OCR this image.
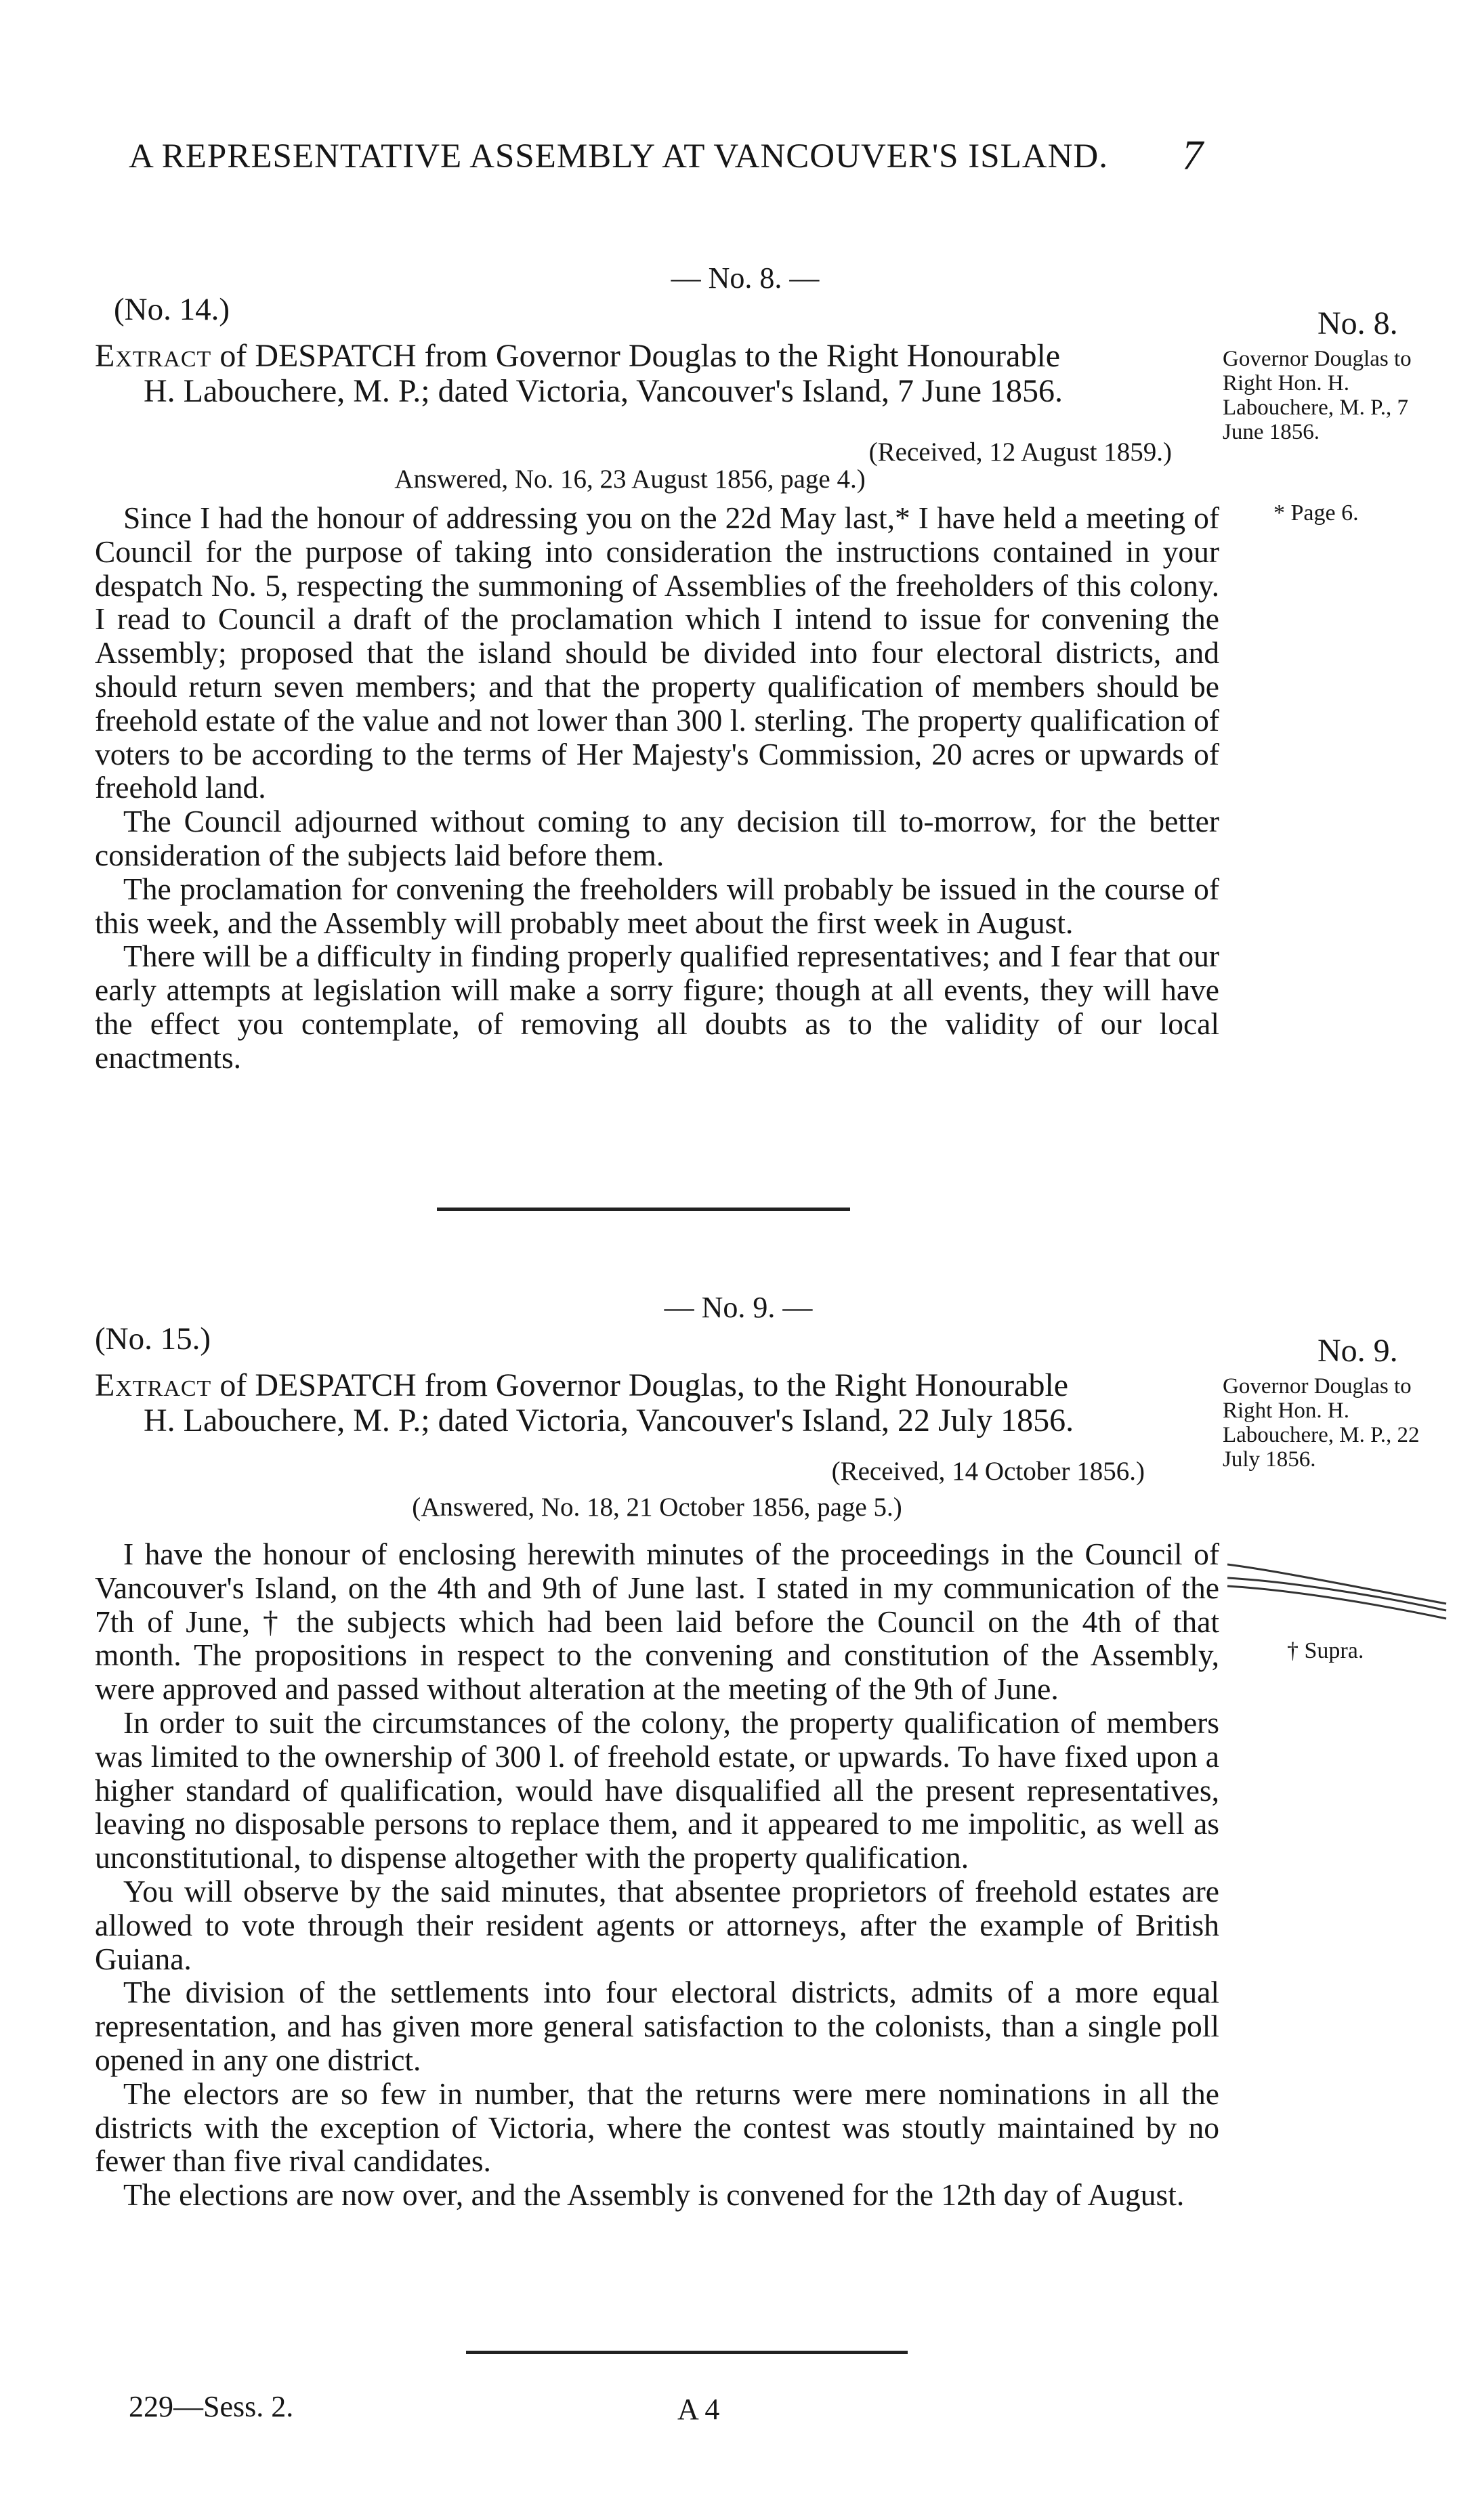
A REPRESENTATIVE ASSEMBLY AT VANCOUVER'S ISLAND.	7
— No. 8. —
(No. 14.)
Extract of DESPATCH from Governor Douglas to the Right Honourable
H. Labouchere, M. P.; dated Victoria, Vancouver's Island, 7 June 1856.
(Received, 12 August 1859.)
Answered, No. 16, 23 August 1856, page 4.)
No. 8.
Governor Douglas to Right Hon. H. Labouchere, M. P., 7 June 1856.
* Page 6.

Since I had the honour of addressing you on the 22d May last,* I have held a meeting of Council for the purpose of taking into consideration the instructions contained in your despatch No. 5, respecting the summoning of Assemblies of the freeholders of this colony. I read to Council a draft of the proclamation which I intend to issue for convening the Assembly; proposed that the island should be divided into four electoral districts, and should return seven members; and that the property qualification of members should be freehold estate of the value and not lower than 300 l. sterling. The property qualification of voters to be according to the terms of Her Majesty's Commission, 20 acres or upwards of freehold land.

The Council adjourned without coming to any decision till to-morrow, for the better consideration of the subjects laid before them.

The proclamation for convening the freeholders will probably be issued in the course of this week, and the Assembly will probably meet about the first week in August.

There will be a difficulty in finding properly qualified representatives; and I fear that our early attempts at legislation will make a sorry figure; though at all events, they will have the effect you contemplate, of removing all doubts as to the validity of our local enactments.

— No. 9. —
(No. 15.)
Extract of DESPATCH from Governor Douglas, to the Right Honourable
H. Labouchere, M. P.; dated Victoria, Vancouver's Island, 22 July 1856.
(Received, 14 October 1856.)
(Answered, No. 18, 21 October 1856, page 5.)
No. 9.
Governor Douglas to Right Hon. H. Labouchere, M. P., 22 July 1856.
† Supra.

I have the honour of enclosing herewith minutes of the proceedings in the Council of Vancouver's Island, on the 4th and 9th of June last. I stated in my communication of the 7th of June, † the subjects which had been laid before the Council on the 4th of that month. The propositions in respect to the convening and constitution of the Assembly, were approved and passed without alteration at the meeting of the 9th of June.

In order to suit the circumstances of the colony, the property qualification of members was limited to the ownership of 300 l. of freehold estate, or upwards. To have fixed upon a higher standard of qualification, would have disqualified all the present representatives, leaving no disposable persons to replace them, and it appeared to me impolitic, as well as unconstitutional, to dispense altogether with the property qualification.

You will observe by the said minutes, that absentee proprietors of freehold estates are allowed to vote through their resident agents or attorneys, after the example of British Guiana.

The division of the settlements into four electoral districts, admits of a more equal representation, and has given more general satisfaction to the colonists, than a single poll opened in any one district.

The electors are so few in number, that the returns were mere nominations in all the districts with the exception of Victoria, where the contest was stoutly maintained by no fewer than five rival candidates.

The elections are now over, and the Assembly is convened for the 12th day of August.

229—Sess. 2.	A 4
